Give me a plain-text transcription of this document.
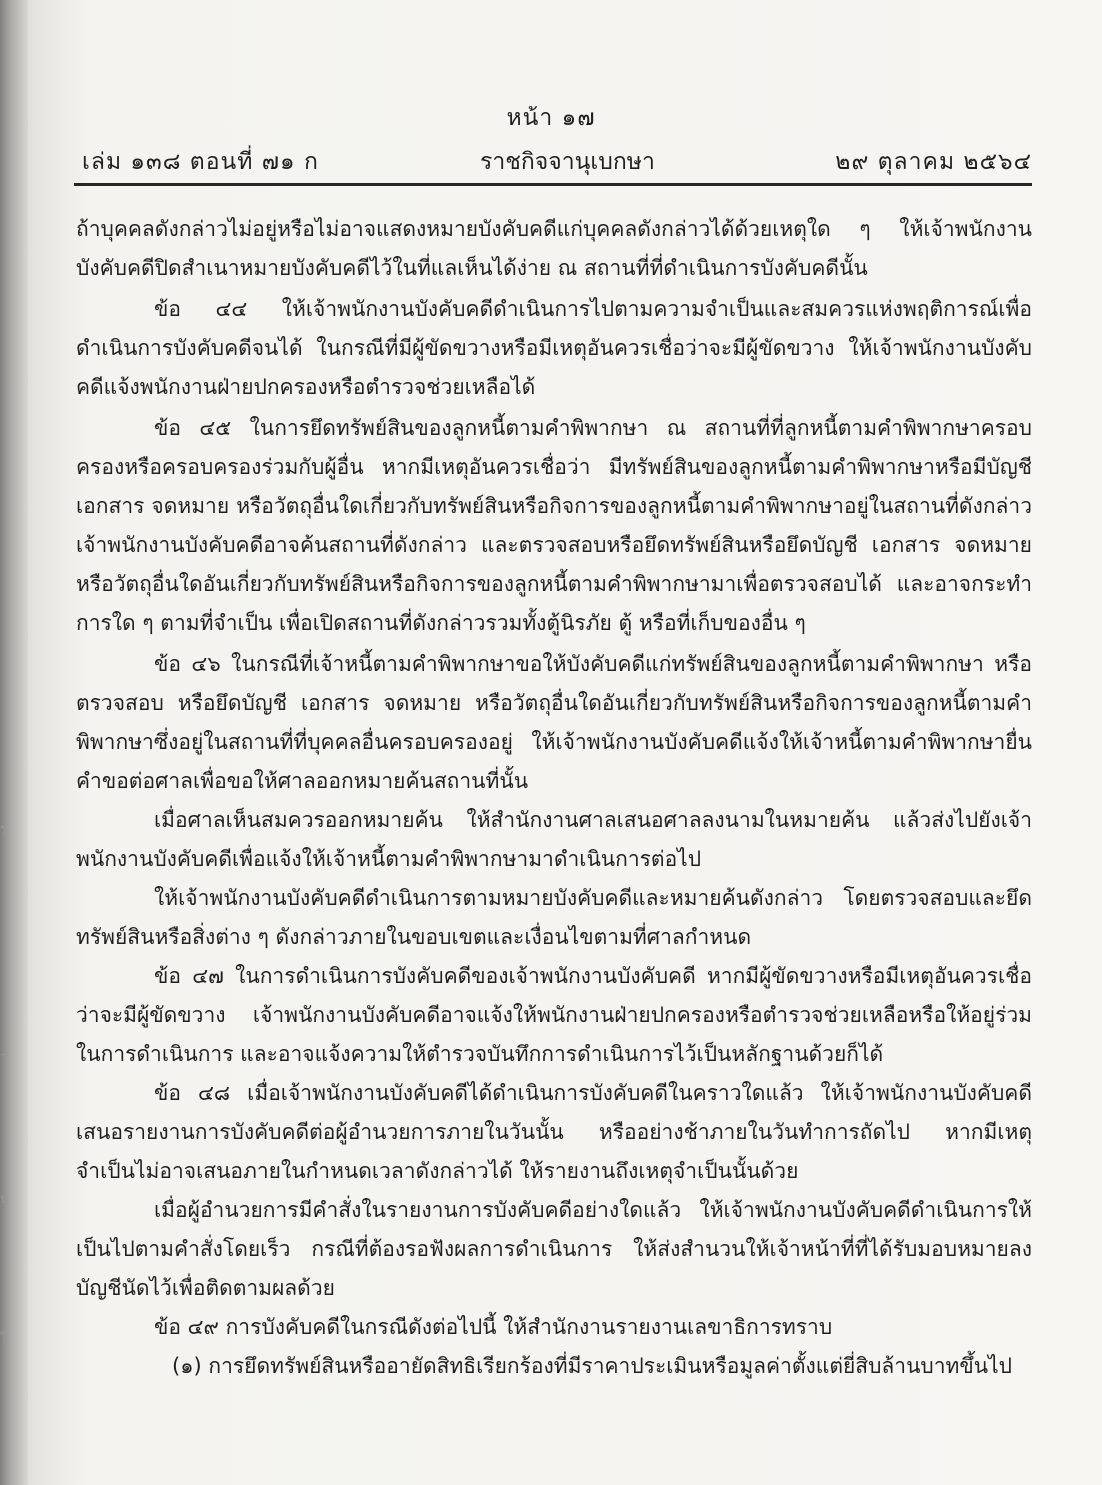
หน้า ๑๗
เล่ม ๑๓๘ ตอนที่ ๗๑ ก	ราชกิจจานุเบกษา	๒๙ ตุลาคม ๒๕๖๔

ถ้าบุคคลดังกล่าวไม่อยู่หรือไม่อาจแสดงหมายบังคับคดีแก่บุคคลดังกล่าวได้ด้วยเหตุใด ๆ ให้เจ้าพนักงานบังคับคดีปิดสำเนาหมายบังคับคดีไว้ในที่แลเห็นได้ง่าย ณ สถานที่ที่ดำเนินการบังคับคดีนั้น

ข้อ ๔๔ ให้เจ้าพนักงานบังคับคดีดำเนินการไปตามความจำเป็นและสมควรแห่งพฤติการณ์เพื่อดำเนินการบังคับคดีจนได้ ในกรณีที่มีผู้ขัดขวางหรือมีเหตุอันควรเชื่อว่าจะมีผู้ขัดขวาง ให้เจ้าพนักงานบังคับคดีแจ้งพนักงานฝ่ายปกครองหรือตำรวจช่วยเหลือได้

ข้อ ๔๕ ในการยึดทรัพย์สินของลูกหนี้ตามคำพิพากษา ณ สถานที่ที่ลูกหนี้ตามคำพิพากษาครอบครองหรือครอบครองร่วมกับผู้อื่น หากมีเหตุอันควรเชื่อว่า มีทรัพย์สินของลูกหนี้ตามคำพิพากษาหรือมีบัญชี เอกสาร จดหมาย หรือวัตถุอื่นใดเกี่ยวกับทรัพย์สินหรือกิจการของลูกหนี้ตามคำพิพากษาอยู่ในสถานที่ดังกล่าว เจ้าพนักงานบังคับคดีอาจค้นสถานที่ดังกล่าว และตรวจสอบหรือยึดทรัพย์สินหรือยึดบัญชี เอกสาร จดหมาย หรือวัตถุอื่นใดอันเกี่ยวกับทรัพย์สินหรือกิจการของลูกหนี้ตามคำพิพากษามาเพื่อตรวจสอบได้ และอาจกระทำการใด ๆ ตามที่จำเป็น เพื่อเปิดสถานที่ดังกล่าวรวมทั้งตู้นิรภัย ตู้ หรือที่เก็บของอื่น ๆ

ข้อ ๔๖ ในกรณีที่เจ้าหนี้ตามคำพิพากษาขอให้บังคับคดีแก่ทรัพย์สินของลูกหนี้ตามคำพิพากษา หรือตรวจสอบ หรือยึดบัญชี เอกสาร จดหมาย หรือวัตถุอื่นใดอันเกี่ยวกับทรัพย์สินหรือกิจการของลูกหนี้ตามคำพิพากษาซึ่งอยู่ในสถานที่ที่บุคคลอื่นครอบครองอยู่ ให้เจ้าพนักงานบังคับคดีแจ้งให้เจ้าหนี้ตามคำพิพากษายื่นคำขอต่อศาลเพื่อขอให้ศาลออกหมายค้นสถานที่นั้น

เมื่อศาลเห็นสมควรออกหมายค้น ให้สำนักงานศาลเสนอศาลลงนามในหมายค้น แล้วส่งไปยังเจ้าพนักงานบังคับคดีเพื่อแจ้งให้เจ้าหนี้ตามคำพิพากษามาดำเนินการต่อไป

ให้เจ้าพนักงานบังคับคดีดำเนินการตามหมายบังคับคดีและหมายค้นดังกล่าว โดยตรวจสอบและยึดทรัพย์สินหรือสิ่งต่าง ๆ ดังกล่าวภายในขอบเขตและเงื่อนไขตามที่ศาลกำหนด

ข้อ ๔๗ ในการดำเนินการบังคับคดีของเจ้าพนักงานบังคับคดี หากมีผู้ขัดขวางหรือมีเหตุอันควรเชื่อว่าจะมีผู้ขัดขวาง เจ้าพนักงานบังคับคดีอาจแจ้งให้พนักงานฝ่ายปกครองหรือตำรวจช่วยเหลือหรือให้อยู่ร่วมในการดำเนินการ และอาจแจ้งความให้ตำรวจบันทึกการดำเนินการไว้เป็นหลักฐานด้วยก็ได้

ข้อ ๔๘ เมื่อเจ้าพนักงานบังคับคดีได้ดำเนินการบังคับคดีในคราวใดแล้ว ให้เจ้าพนักงานบังคับคดีเสนอรายงานการบังคับคดีต่อผู้อำนวยการภายในวันนั้น หรืออย่างช้าภายในวันทำการถัดไป หากมีเหตุจำเป็นไม่อาจเสนอภายในกำหนดเวลาดังกล่าวได้ ให้รายงานถึงเหตุจำเป็นนั้นด้วย

เมื่อผู้อำนวยการมีคำสั่งในรายงานการบังคับคดีอย่างใดแล้ว ให้เจ้าพนักงานบังคับคดีดำเนินการให้เป็นไปตามคำสั่งโดยเร็ว กรณีที่ต้องรอฟังผลการดำเนินการ ให้ส่งสำนวนให้เจ้าหน้าที่ที่ได้รับมอบหมายลงบัญชีนัดไว้เพื่อติดตามผลด้วย

ข้อ ๔๙ การบังคับคดีในกรณีดังต่อไปนี้ ให้สำนักงานรายงานเลขาธิการทราบ

(๑) การยึดทรัพย์สินหรืออายัดสิทธิเรียกร้องที่มีราคาประเมินหรือมูลค่าตั้งแต่ยี่สิบล้านบาทขึ้นไป

ร
า
น
ใ
